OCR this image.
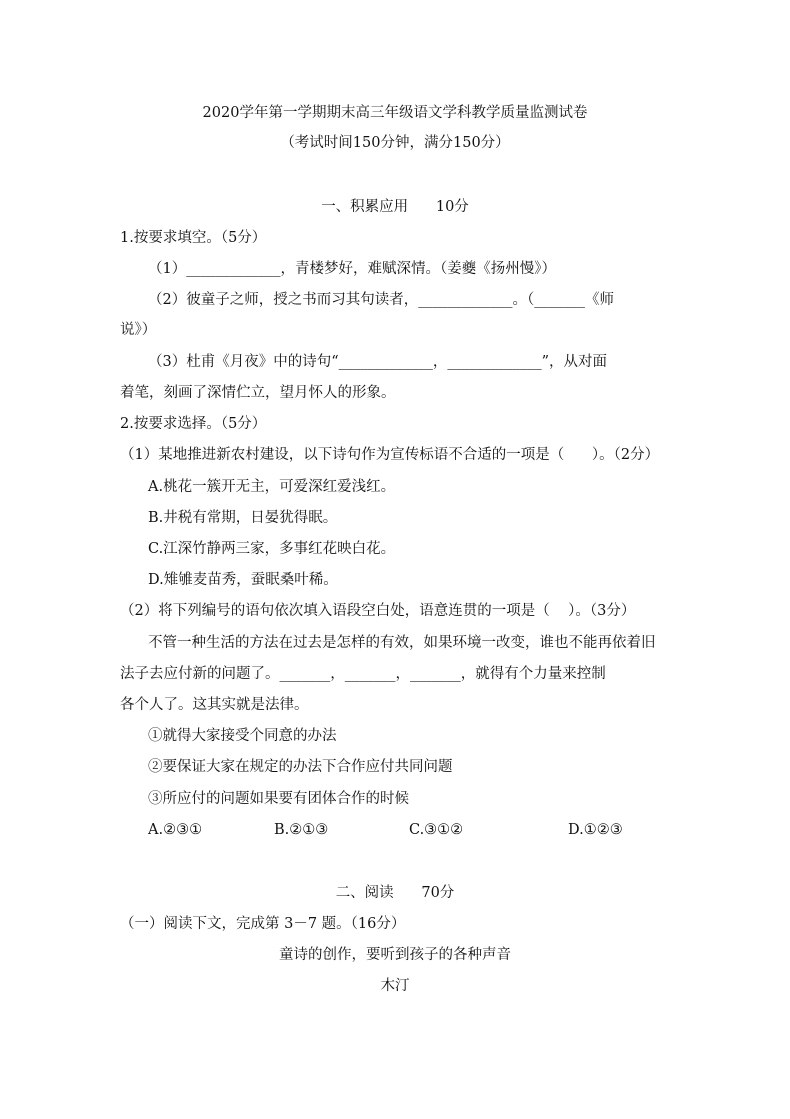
2020学年第一学期期末高三年级语文学科教学质量监测试卷
（考试时间150分钟，满分150分）
一、积累应用      10分
1.按要求填空。（5分）
（1）_____________，青楼梦好，难赋深情。（姜夔《扬州慢》）
（2）彼童子之师，授之书而习其句读者，_____________。（_______《师
说》）
（3）杜甫《月夜》中的诗句“_____________，_____________”，从对面
着笔，刻画了深情伫立，望月怀人的形象。
2.按要求选择。（5分）
（1）某地推进新农村建设，以下诗句作为宣传标语不合适的一项是（      ）。（2分）
A.桃花一簇开无主，可爱深红爱浅红。
B.井税有常期，日晏犹得眠。
C.江深竹静两三家，多事红花映白花。
D.雉雊麦苗秀，蚕眠桑叶稀。
（2）将下列编号的语句依次填入语段空白处，语意连贯的一项是（    ）。（3分）
不管一种生活的方法在过去是怎样的有效，如果环境一改变，谁也不能再依着旧
法子去应付新的问题了。_______，_______，_______，就得有个力量来控制
各个人了。这其实就是法律。
①就得大家接受个同意的办法
②要保证大家在规定的办法下合作应付共同问题
③所应付的问题如果要有团体合作的时候
A.②③①	B.②①③	C.③①②	D.①②③
二、阅读      70分
（一）阅读下文，完成第 3－7 题。（16分）
童诗的创作，要听到孩子的各种声音
木汀
